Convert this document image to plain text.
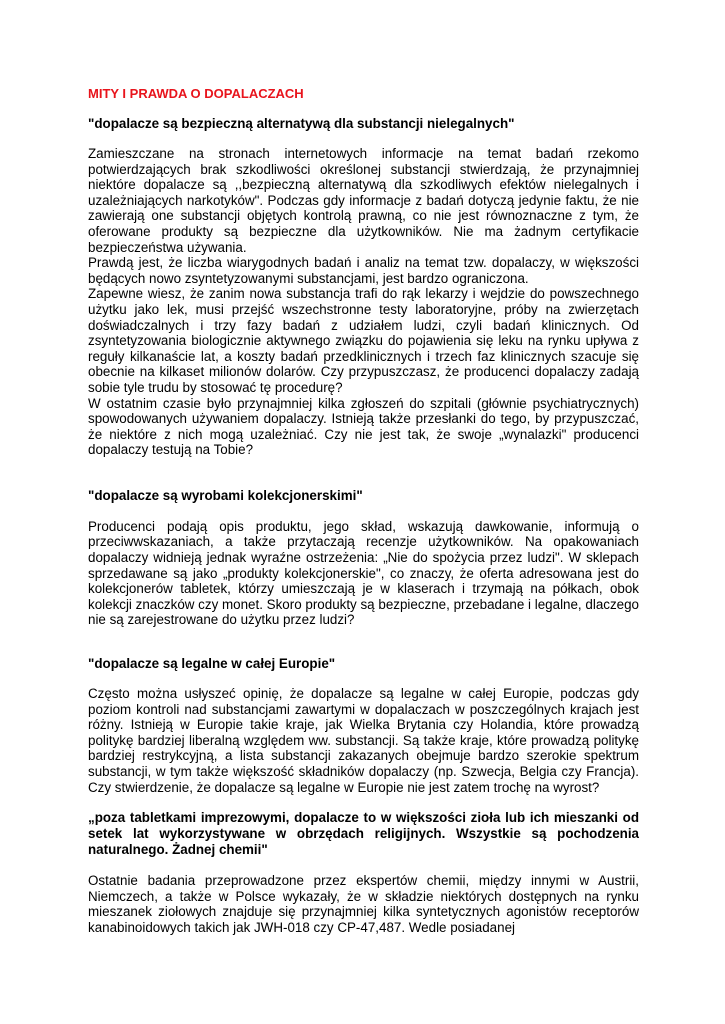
MITY I PRAWDA O DOPALACZACH
"dopalacze są bezpieczną alternatywą dla substancji nielegalnych"

Zamieszczane na stronach internetowych informacje na temat badań rzekomo potwierdzających brak szkodliwości określonej substancji stwierdzają, że przynajmniej niektóre dopalacze są ,,bezpieczną alternatywą dla szkodliwych efektów nielegalnych i uzależniających narkotyków". Podczas gdy informacje z badań dotyczą jedynie faktu, że nie zawierają one substancji objętych kontrolą prawną, co nie jest równoznaczne z tym, że oferowane produkty są bezpieczne dla użytkowników. Nie ma żadnym certyfikacie bezpieczeństwa używania.

Prawdą jest, że liczba wiarygodnych badań i analiz na temat tzw. dopalaczy, w większości będących nowo zsyntetyzowanymi substancjami, jest bardzo ograniczona.

Zapewne wiesz, że zanim nowa substancja trafi do rąk lekarzy i wejdzie do powszechnego użytku jako lek, musi przejść wszechstronne testy laboratoryjne, próby na zwierzętach doświadczalnych i trzy fazy badań z udziałem ludzi, czyli badań klinicznych. Od zsyntetyzowania biologicznie aktywnego związku do pojawienia się leku na rynku upływa z reguły kilkanaście lat, a koszty badań przedklinicznych i trzech faz klinicznych szacuje się obecnie na kilkaset milionów dolarów. Czy przypuszczasz, że producenci dopalaczy zadają sobie tyle trudu by stosować tę procedurę?

W ostatnim czasie było przynajmniej kilka zgłoszeń do szpitali (głównie psychiatrycznych) spowodowanych używaniem dopalaczy. Istnieją także przesłanki do tego, by przypuszczać, że niektóre z nich mogą uzależniać. Czy nie jest tak, że swoje „wynalazki" producenci dopalaczy testują na Tobie?

"dopalacze są wyrobami kolekcjonerskimi"

Producenci podają opis produktu, jego skład, wskazują dawkowanie, informują o przeciwwskazaniach, a także przytaczają recenzje użytkowników. Na opakowaniach dopalaczy widnieją jednak wyraźne ostrzeżenia: „Nie do spożycia przez ludzi". W sklepach sprzedawane są jako „produkty kolekcjonerskie", co znaczy, że oferta adresowana jest do kolekcjonerów tabletek, którzy umieszczają je w klaserach i trzymają na półkach, obok kolekcji znaczków czy monet. Skoro produkty są bezpieczne, przebadane i legalne, dlaczego nie są zarejestrowane do użytku przez ludzi?

"dopalacze są legalne w całej Europie"

Często można usłyszeć opinię, że dopalacze są legalne w całej Europie, podczas gdy poziom kontroli nad substancjami zawartymi w dopalaczach w poszczególnych krajach jest różny. Istnieją w Europie takie kraje, jak Wielka Brytania czy Holandia, które prowadzą politykę bardziej liberalną względem ww. substancji. Są także kraje, które prowadzą politykę bardziej restrykcyjną, a lista substancji zakazanych obejmuje bardzo szerokie spektrum substancji, w tym także większość składników dopalaczy (np. Szwecja, Belgia czy Francja). Czy stwierdzenie, że dopalacze są legalne w Europie nie jest zatem trochę na wyrost?

„poza tabletkami imprezowymi, dopalacze to w większości zioła lub ich mieszanki od setek lat wykorzystywane w obrzędach religijnych. Wszystkie są pochodzenia naturalnego. Żadnej chemii"

Ostatnie badania przeprowadzone przez ekspertów chemii, między innymi w Austrii, Niemczech, a także w Polsce wykazały, że w składzie niektórych dostępnych na rynku mieszanek ziołowych znajduje się przynajmniej kilka syntetycznych agonistów receptorów kanabinoidowych takich jak JWH-018 czy CP-47,487. Wedle posiadanej
